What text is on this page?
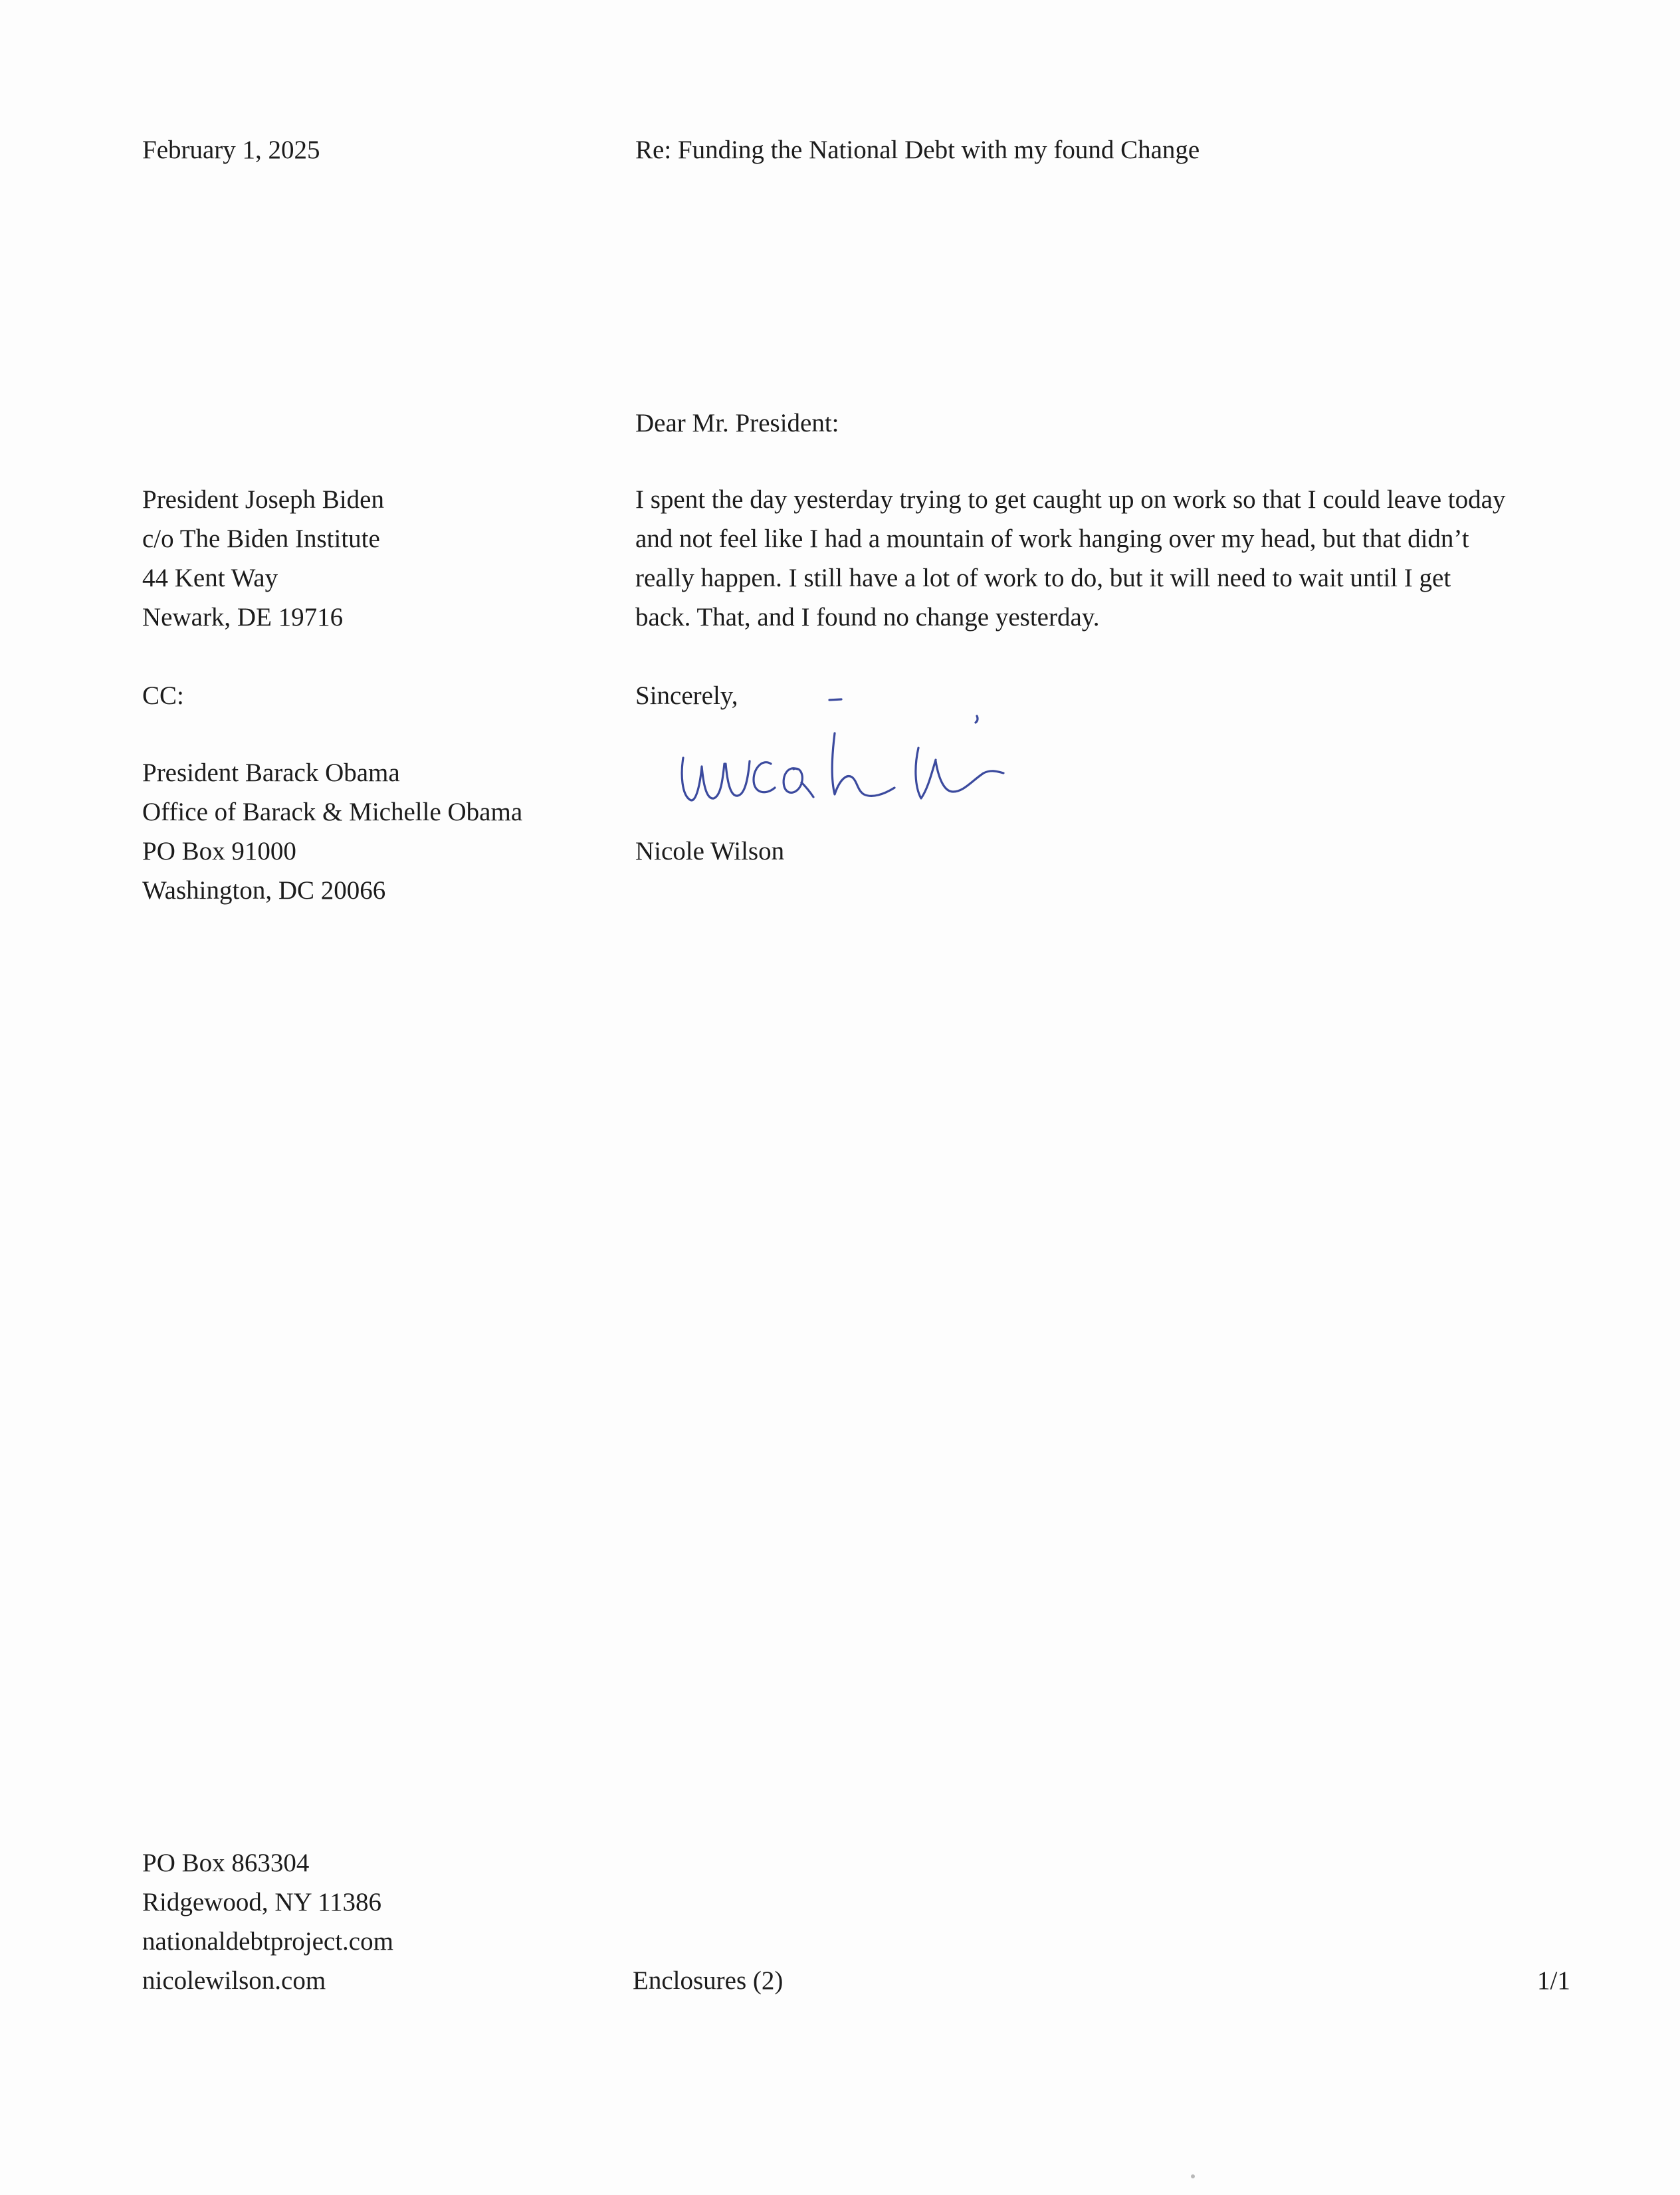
February 1, 2025	Re: Funding the National Debt with my found Change

Dear Mr. President:

President Joseph Biden
c/o The Biden Institute
44 Kent Way
Newark, DE 19716

CC:

President Barack Obama
Office of Barack & Michelle Obama
PO Box 91000
Washington, DC 20066
I spent the day yesterday trying to get caught up on work so that I could leave today
and not feel like I had a mountain of work hanging over my head, but that didn’t
really happen. I still have a lot of work to do, but it will need to wait until I get
back. That, and I found no change yesterday.

Sincerely,

Nicole Wilson

PO Box 863304
Ridgewood, NY 11386
nationaldebtproject.com
nicolewilson.com	Enclosures (2)	1/1
